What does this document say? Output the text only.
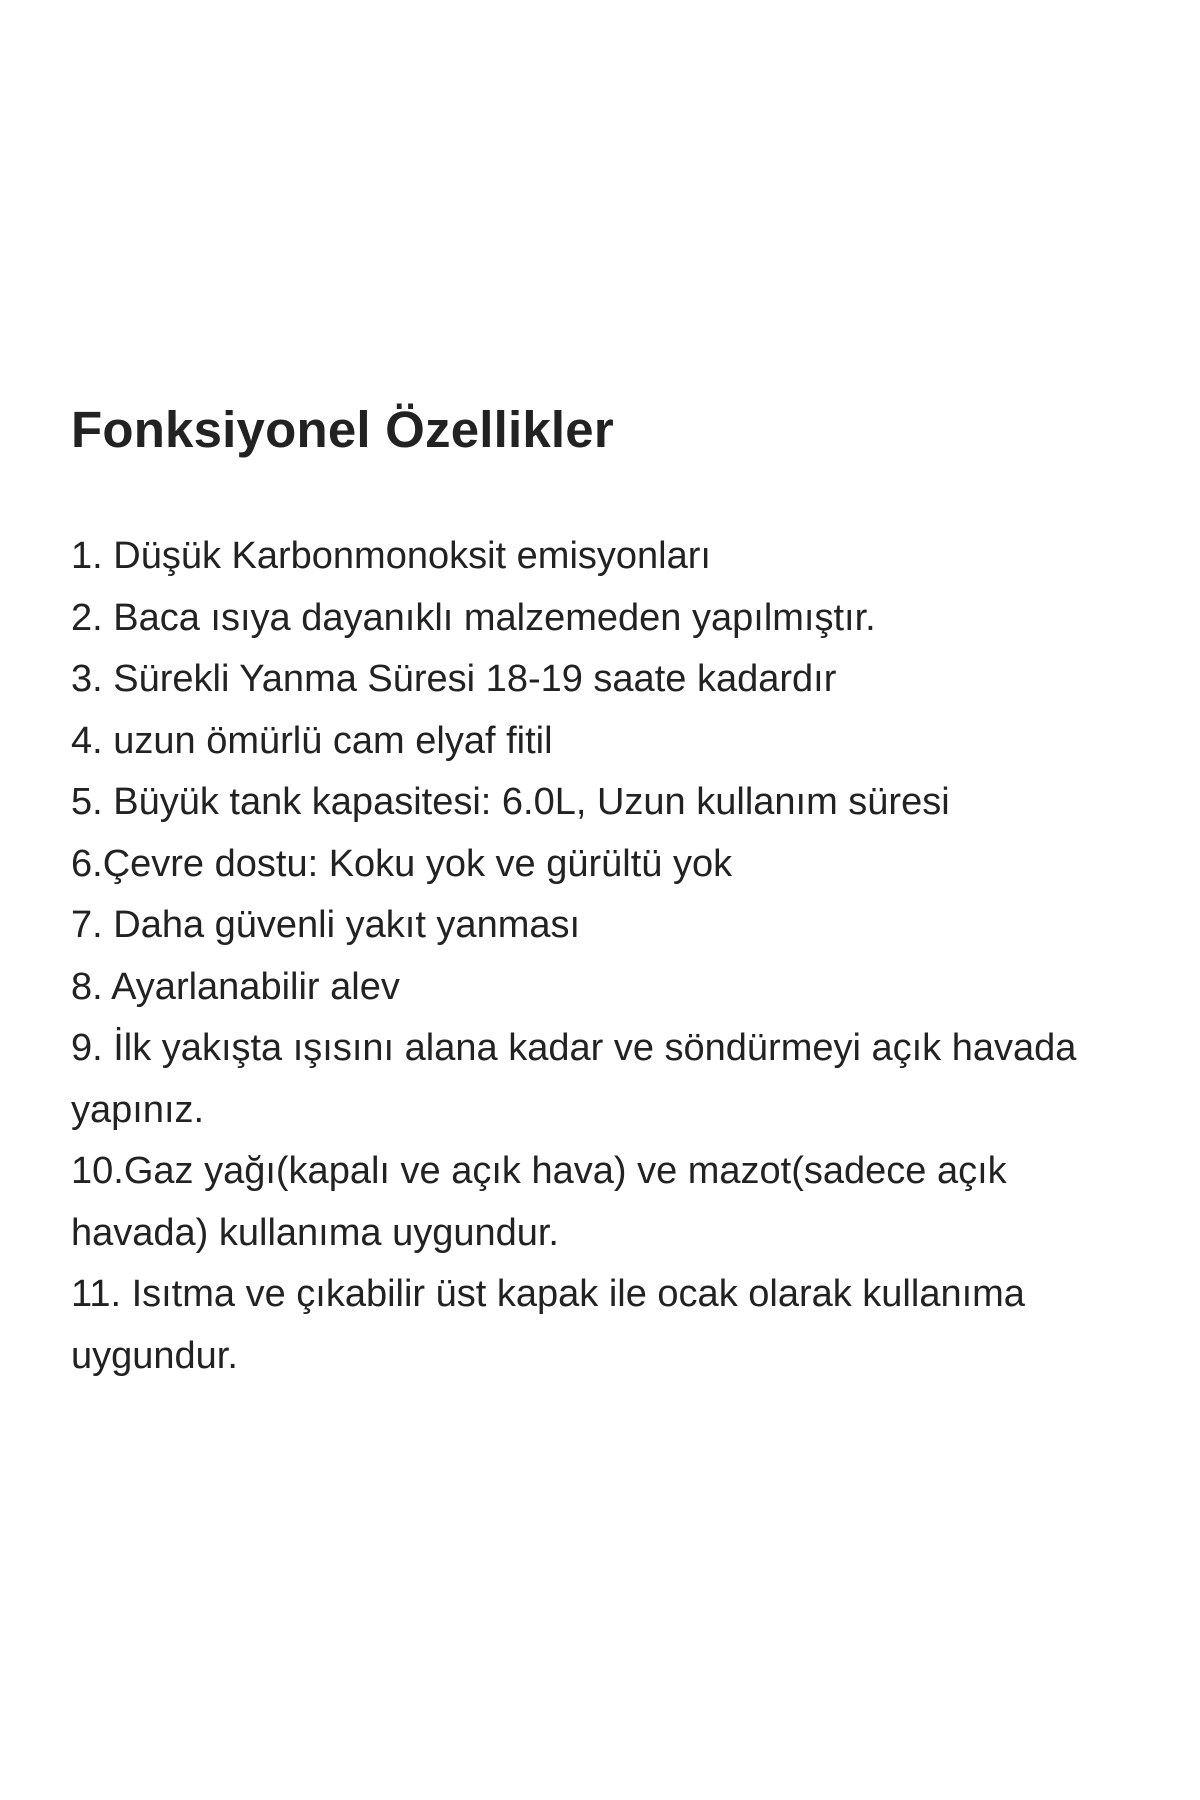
Fonksiyonel Özellikler
1. Düşük Karbonmonoksit emisyonları
2. Baca ısıya dayanıklı malzemeden yapılmıştır.
3. Sürekli Yanma Süresi 18-19 saate kadardır
4. uzun ömürlü cam elyaf fitil
5. Büyük tank kapasitesi: 6.0L, Uzun kullanım süresi
6.Çevre dostu: Koku yok ve gürültü yok
7. Daha güvenli yakıt yanması
8. Ayarlanabilir alev
9. İlk yakışta ışısını alana kadar ve söndürmeyi açık havada yapınız.
10.Gaz yağı(kapalı ve açık hava) ve mazot(sadece açık havada) kullanıma uygundur.
11. Isıtma ve çıkabilir üst kapak ile ocak olarak kullanıma uygundur.
